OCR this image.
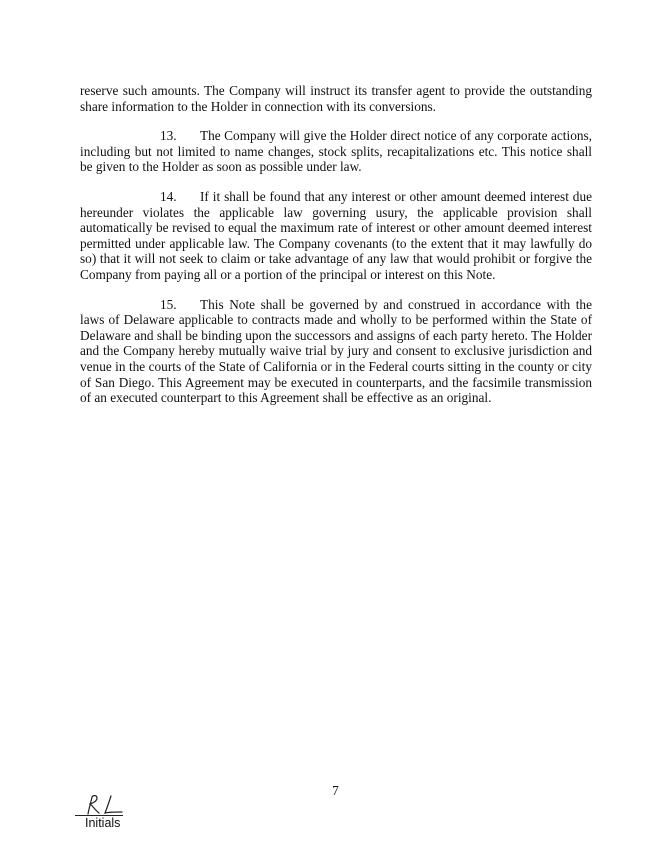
reserve such amounts. The Company will instruct its transfer agent to provide the outstanding share information to the Holder in connection with its conversions.

13. The Company will give the Holder direct notice of any corporate actions, including but not limited to name changes, stock splits, recapitalizations etc. This notice shall be given to the Holder as soon as possible under law.

14. If it shall be found that any interest or other amount deemed interest due hereunder violates the applicable law governing usury, the applicable provision shall automatically be revised to equal the maximum rate of interest or other amount deemed interest permitted under applicable law. The Company covenants (to the extent that it may lawfully do so) that it will not seek to claim or take advantage of any law that would prohibit or forgive the Company from paying all or a portion of the principal or interest on this Note.

15. This Note shall be governed by and construed in accordance with the laws of Delaware applicable to contracts made and wholly to be performed within the State of Delaware and shall be binding upon the successors and assigns of each party hereto. The Holder and the Company hereby mutually waive trial by jury and consent to exclusive jurisdiction and venue in the courts of the State of California or in the Federal courts sitting in the county or city of San Diego. This Agreement may be executed in counterparts, and the facsimile transmission of an executed counterpart to this Agreement shall be effective as an original.

7
Initials
